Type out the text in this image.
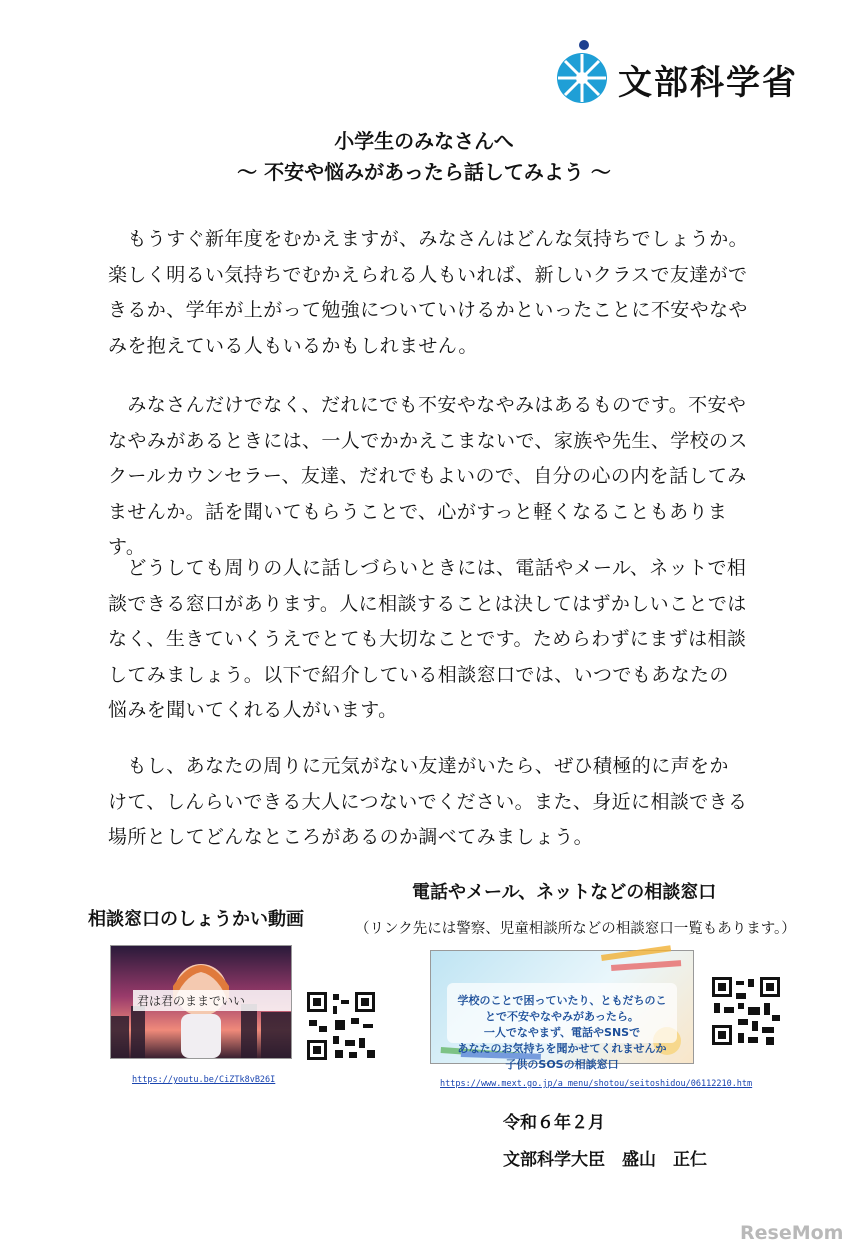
文部科学省
小学生のみなさんへ
～ 不安や悩みがあったら話してみよう ～
　もうすぐ新年度をむかえますが、みなさんはどんな気持ちでしょうか。楽しく明るい気持ちでむかえられる人もいれば、新しいクラスで友達ができるか、学年が上がって勉強についていけるかといったことに不安やなやみを抱えている人もいるかもしれません。
　みなさんだけでなく、だれにでも不安やなやみはあるものです。不安やなやみがあるときには、一人でかかえこまないで、家族や先生、学校のスクールカウンセラー、友達、だれでもよいので、自分の心の内を話してみませんか。話を聞いてもらうことで、心がすっと軽くなることもあります。
　どうしても周りの人に話しづらいときには、電話やメール、ネットで相談できる窓口があります。人に相談することは決してはずかしいことではなく、生きていくうえでとても大切なことです。ためらわずにまずは相談してみましょう。以下で紹介している相談窓口では、いつでもあなたの悩みを聞いてくれる人がいます。
　もし、あなたの周りに元気がない友達がいたら、ぜひ積極的に声をかけて、しんらいできる大人につないでください。また、身近に相談できる場所としてどんなところがあるのか調べてみましょう。
相談窓口のしょうかい動画
君は君のままでいい
https://youtu.be/CiZTk8vB26I
電話やメール、ネットなどの相談窓口
（リンク先には警察、児童相談所などの相談窓口一覧もあります。）
学校のことで困っていたり、ともだちのことで不安やなやみがあったら。
一人でなやまず、電話やSNSで
あなたのお気持ちを聞かせてくれませんか
子供のSOSの相談窓口
https://www.mext.go.jp/a_menu/shotou/seitoshidou/06112210.htm
令和６年２月
文部科学大臣　盛山　正仁
ReseMom
